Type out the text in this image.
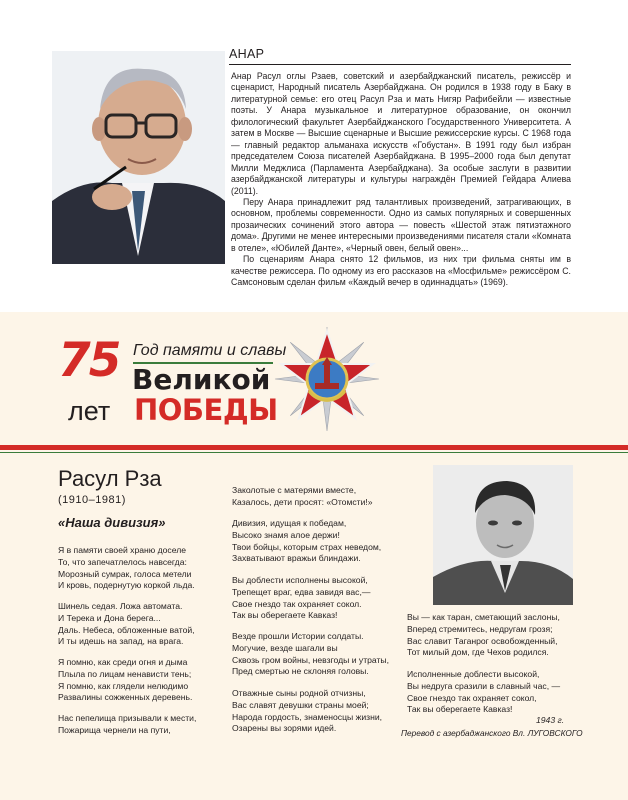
АНАР

Анар Расул оглы Рзаев, советский и азербайджанский писатель, режиссёр и сценарист, Народный писатель Азербайджана. Он родился в 1938 году в Баку в литературной семье: его отец Расул Рза и мать Нигяр Рафибейли — известные поэты. У Анара музыкальное и литературное образование, он окончил филологический факультет Азербайджанского Государственного Университета. А затем в Москве — Высшие сценарные и Высшие режиссерские курсы. С 1968 года — главный редактор альманаха искусств «Гобустан». В 1991 году был избран председателем Союза писателей Азербайджана. В 1995–2000 года был депутат Милли Меджлиса (Парламента Азербайджана). За особые заслуги в развитии азербайджанской литературы и культуры награждён Премией Гейдара Алиева (2011).

Перу Анара принадлежит ряд талантливых произведений, затрагивающих, в основном, проблемы современности. Одно из самых популярных и совершенных прозаических сочинений этого автора — повесть «Шестой этаж пятиэтажного дома». Другими не менее интересными произведениями писателя стали «Комната в отеле», «Юбилей Данте», «Черный овен, белый овен»...

По сценариям Анара снято 12 фильмов, из них три фильма сняты им в качестве режиссера. По одному из его рассказов на «Мосфильме» режиссёром С. Самсоновым сделан фильм «Каждый вечер в одиннадцать» (1969).

75 Год памяти и славы
Великой
лет ПОБЕДЫ
Расул Рза
(1910–1981)
«Наша дивизия»
Я в памяти своей храню доселе
То, что запечатлелось навсегда:
Морозный сумрак, голоса метели
И кровь, подернутую коркой льда.
Шинель седая. Ложа автомата.
И Терека и Дона берега...
Даль. Небеса, обложенные ватой,
И ты идешь на запад, на врага.
Я помню, как среди огня и дыма
Плыла по лицам ненависти тень;
Я помню, как глядели нелюдимо
Развалины сожженных деревень.
Нас пепелища призывали к мести,
Пожарища чернели на пути,
Заколотые с матерями вместе,
Казалось, дети просят: «Отомсти!»
Дивизия, идущая к победам,
Высоко знамя алое держи!
Твои бойцы, которым страх неведом,
Захватывают вражьи блиндажи.
Вы доблести исполнены высокой,
Трепещет враг, едва завидя вас,—
Свое гнездо так охраняет сокол.
Так вы оберегаете Кавказ!
Везде прошли Истории солдаты.
Могучие, везде шагали вы
Сквозь гром войны, невзгоды и утраты,
Пред смертью не склоняя головы.
Отважные сыны родной отчизны,
Вас славят девушки страны моей;
Народа гордость, знаменосцы жизни,
Озарены вы зорями идей.
Вы — как таран, сметающий заслоны,
Вперед стремитесь, недругам грозя;
Вас славит Таганрог освобожденный,
Тот милый дом, где Чехов родился.
Исполненные доблести высокой,
Вы недруга сразили в славный час, —
Свое гнездо так охраняет сокол,
Так вы оберегаете Кавказ!
1943 г.
Перевод с азербаджанского Вл. ЛУГОВСКОГО
